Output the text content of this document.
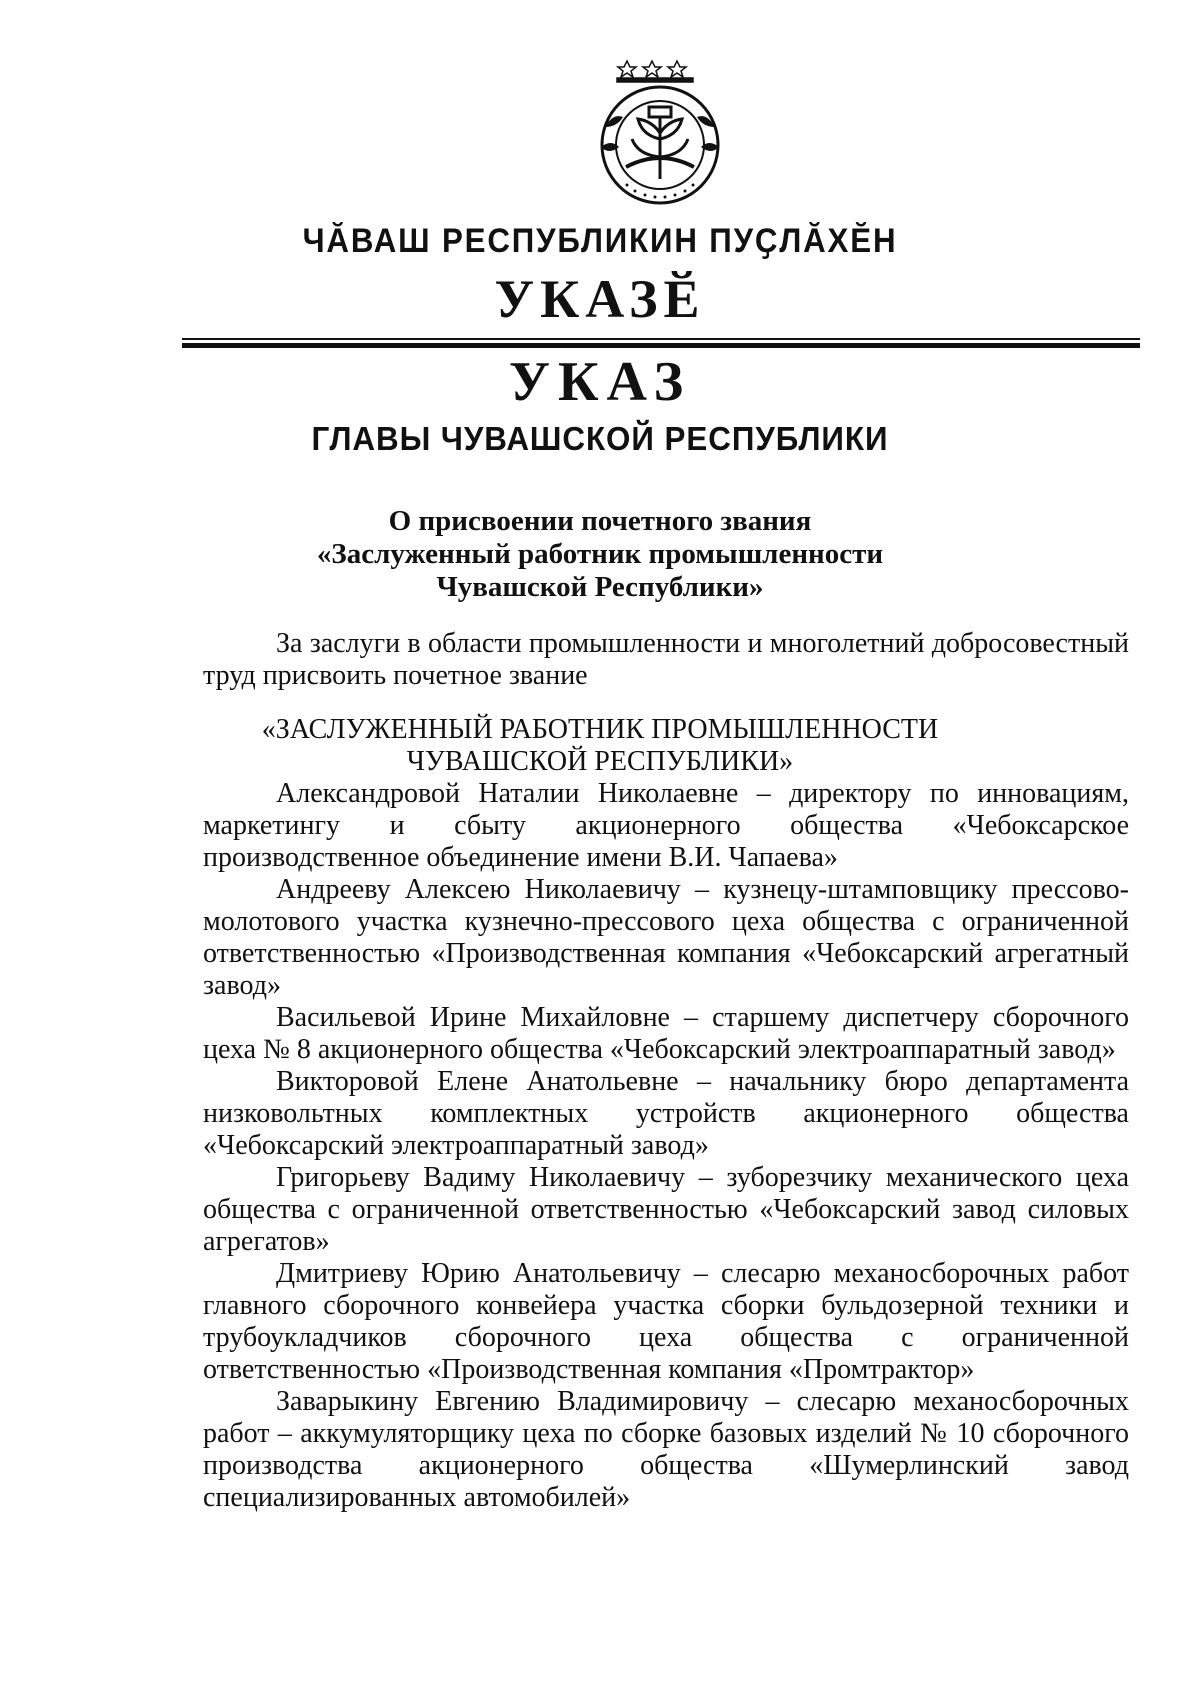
ЧӐВАШ РЕСПУБЛИКИН ПУҪЛӐХӖН
УКАЗӖ
УКАЗ
ГЛАВЫ ЧУВАШСКОЙ РЕСПУБЛИКИ
О присвоении почетного звания
«Заслуженный работник промышленности
Чувашской Республики»

За заслуги в области промышленности и многолетний добросовестный труд присвоить почетное звание

«ЗАСЛУЖЕННЫЙ РАБОТНИК ПРОМЫШЛЕННОСТИ
ЧУВАШСКОЙ РЕСПУБЛИКИ»

Александровой Наталии Николаевне – директору по инновациям, маркетингу и сбыту акционерного общества «Чебоксарское производственное объединение имени В.И. Чапаева»

Андрееву Алексею Николаевичу – кузнецу-штамповщику прессово-молотового участка кузнечно-прессового цеха общества с ограниченной ответственностью «Производственная компания «Чебоксарский агрегатный завод»

Васильевой Ирине Михайловне – старшему диспетчеру сборочного цеха № 8 акционерного общества «Чебоксарский электроаппаратный завод»

Викторовой Елене Анатольевне – начальнику бюро департамента низковольтных комплектных устройств акционерного общества «Чебоксарский электроаппаратный завод»

Григорьеву Вадиму Николаевичу – зуборезчику механического цеха общества с ограниченной ответственностью «Чебоксарский завод силовых агрегатов»

Дмитриеву Юрию Анатольевичу – слесарю механосборочных работ главного сборочного конвейера участка сборки бульдозерной техники и трубоукладчиков сборочного цеха общества с ограниченной ответственностью «Производственная компания «Промтрактор»

Заварыкину Евгению Владимировичу – слесарю механосборочных работ – аккумуляторщику цеха по сборке базовых изделий № 10 сборочного производства акционерного общества «Шумерлинский завод специализированных автомобилей»
